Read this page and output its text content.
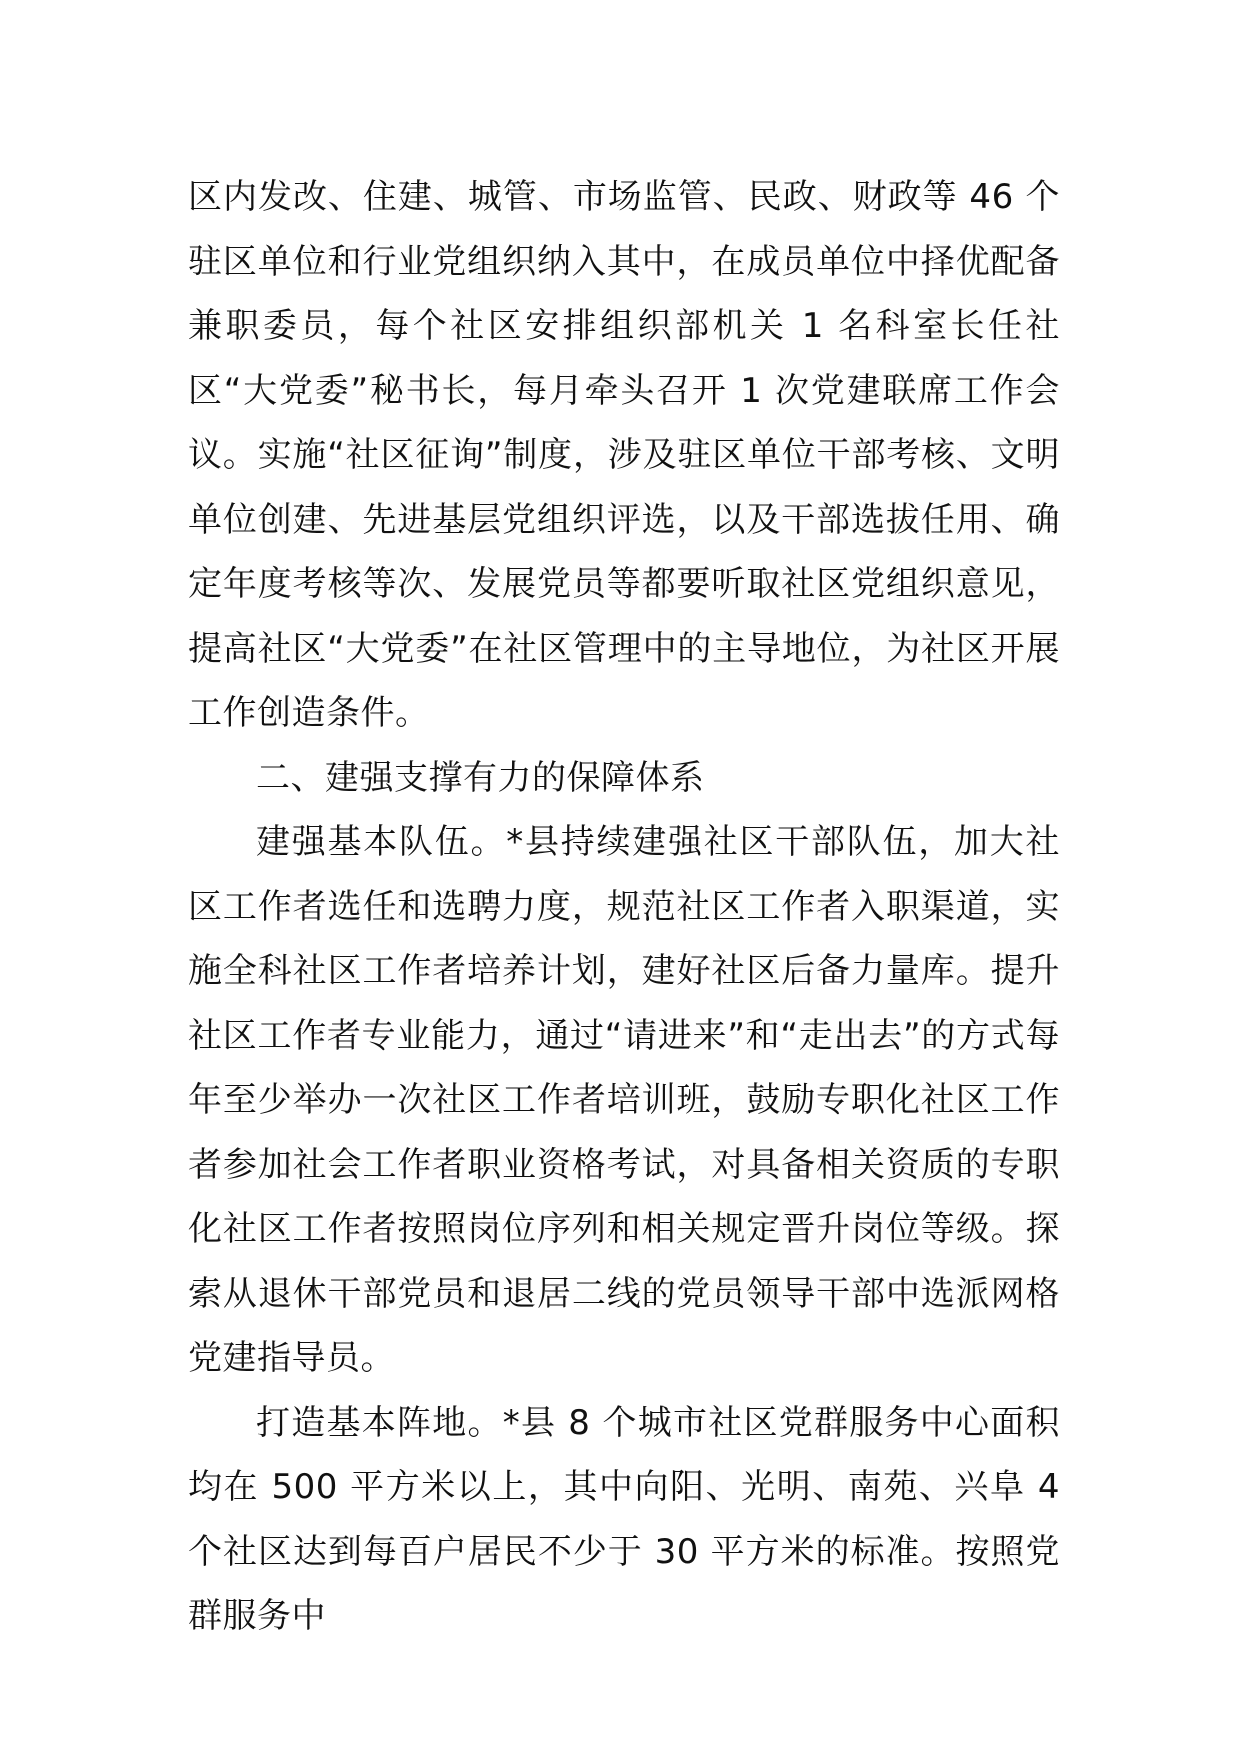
区内发改、住建、城管、市场监管、民政、财政等 46 个驻区单位和行业党组织纳入其中，在成员单位中择优配备兼职委员，每个社区安排组织部机关 1 名科室长任社区“大党委”秘书长，每月牵头召开 1 次党建联席工作会议。实施“社区征询”制度，涉及驻区单位干部考核、文明单位创建、先进基层党组织评选，以及干部选拔任用、确定年度考核等次、发展党员等都要听取社区党组织意见，提高社区“大党委”在社区管理中的主导地位，为社区开展工作创造条件。

二、建强支撑有力的保障体系

建强基本队伍。*县持续建强社区干部队伍，加大社区工作者选任和选聘力度，规范社区工作者入职渠道，实施全科社区工作者培养计划，建好社区后备力量库。提升社区工作者专业能力，通过“请进来”和“走出去”的方式每年至少举办一次社区工作者培训班，鼓励专职化社区工作者参加社会工作者职业资格考试，对具备相关资质的专职化社区工作者按照岗位序列和相关规定晋升岗位等级。探索从退休干部党员和退居二线的党员领导干部中选派网格党建指导员。

打造基本阵地。*县 8 个城市社区党群服务中心面积均在 500 平方米以上，其中向阳、光明、南苑、兴阜 4 个社区达到每百户居民不少于 30 平方米的标准。按照党群服务中
